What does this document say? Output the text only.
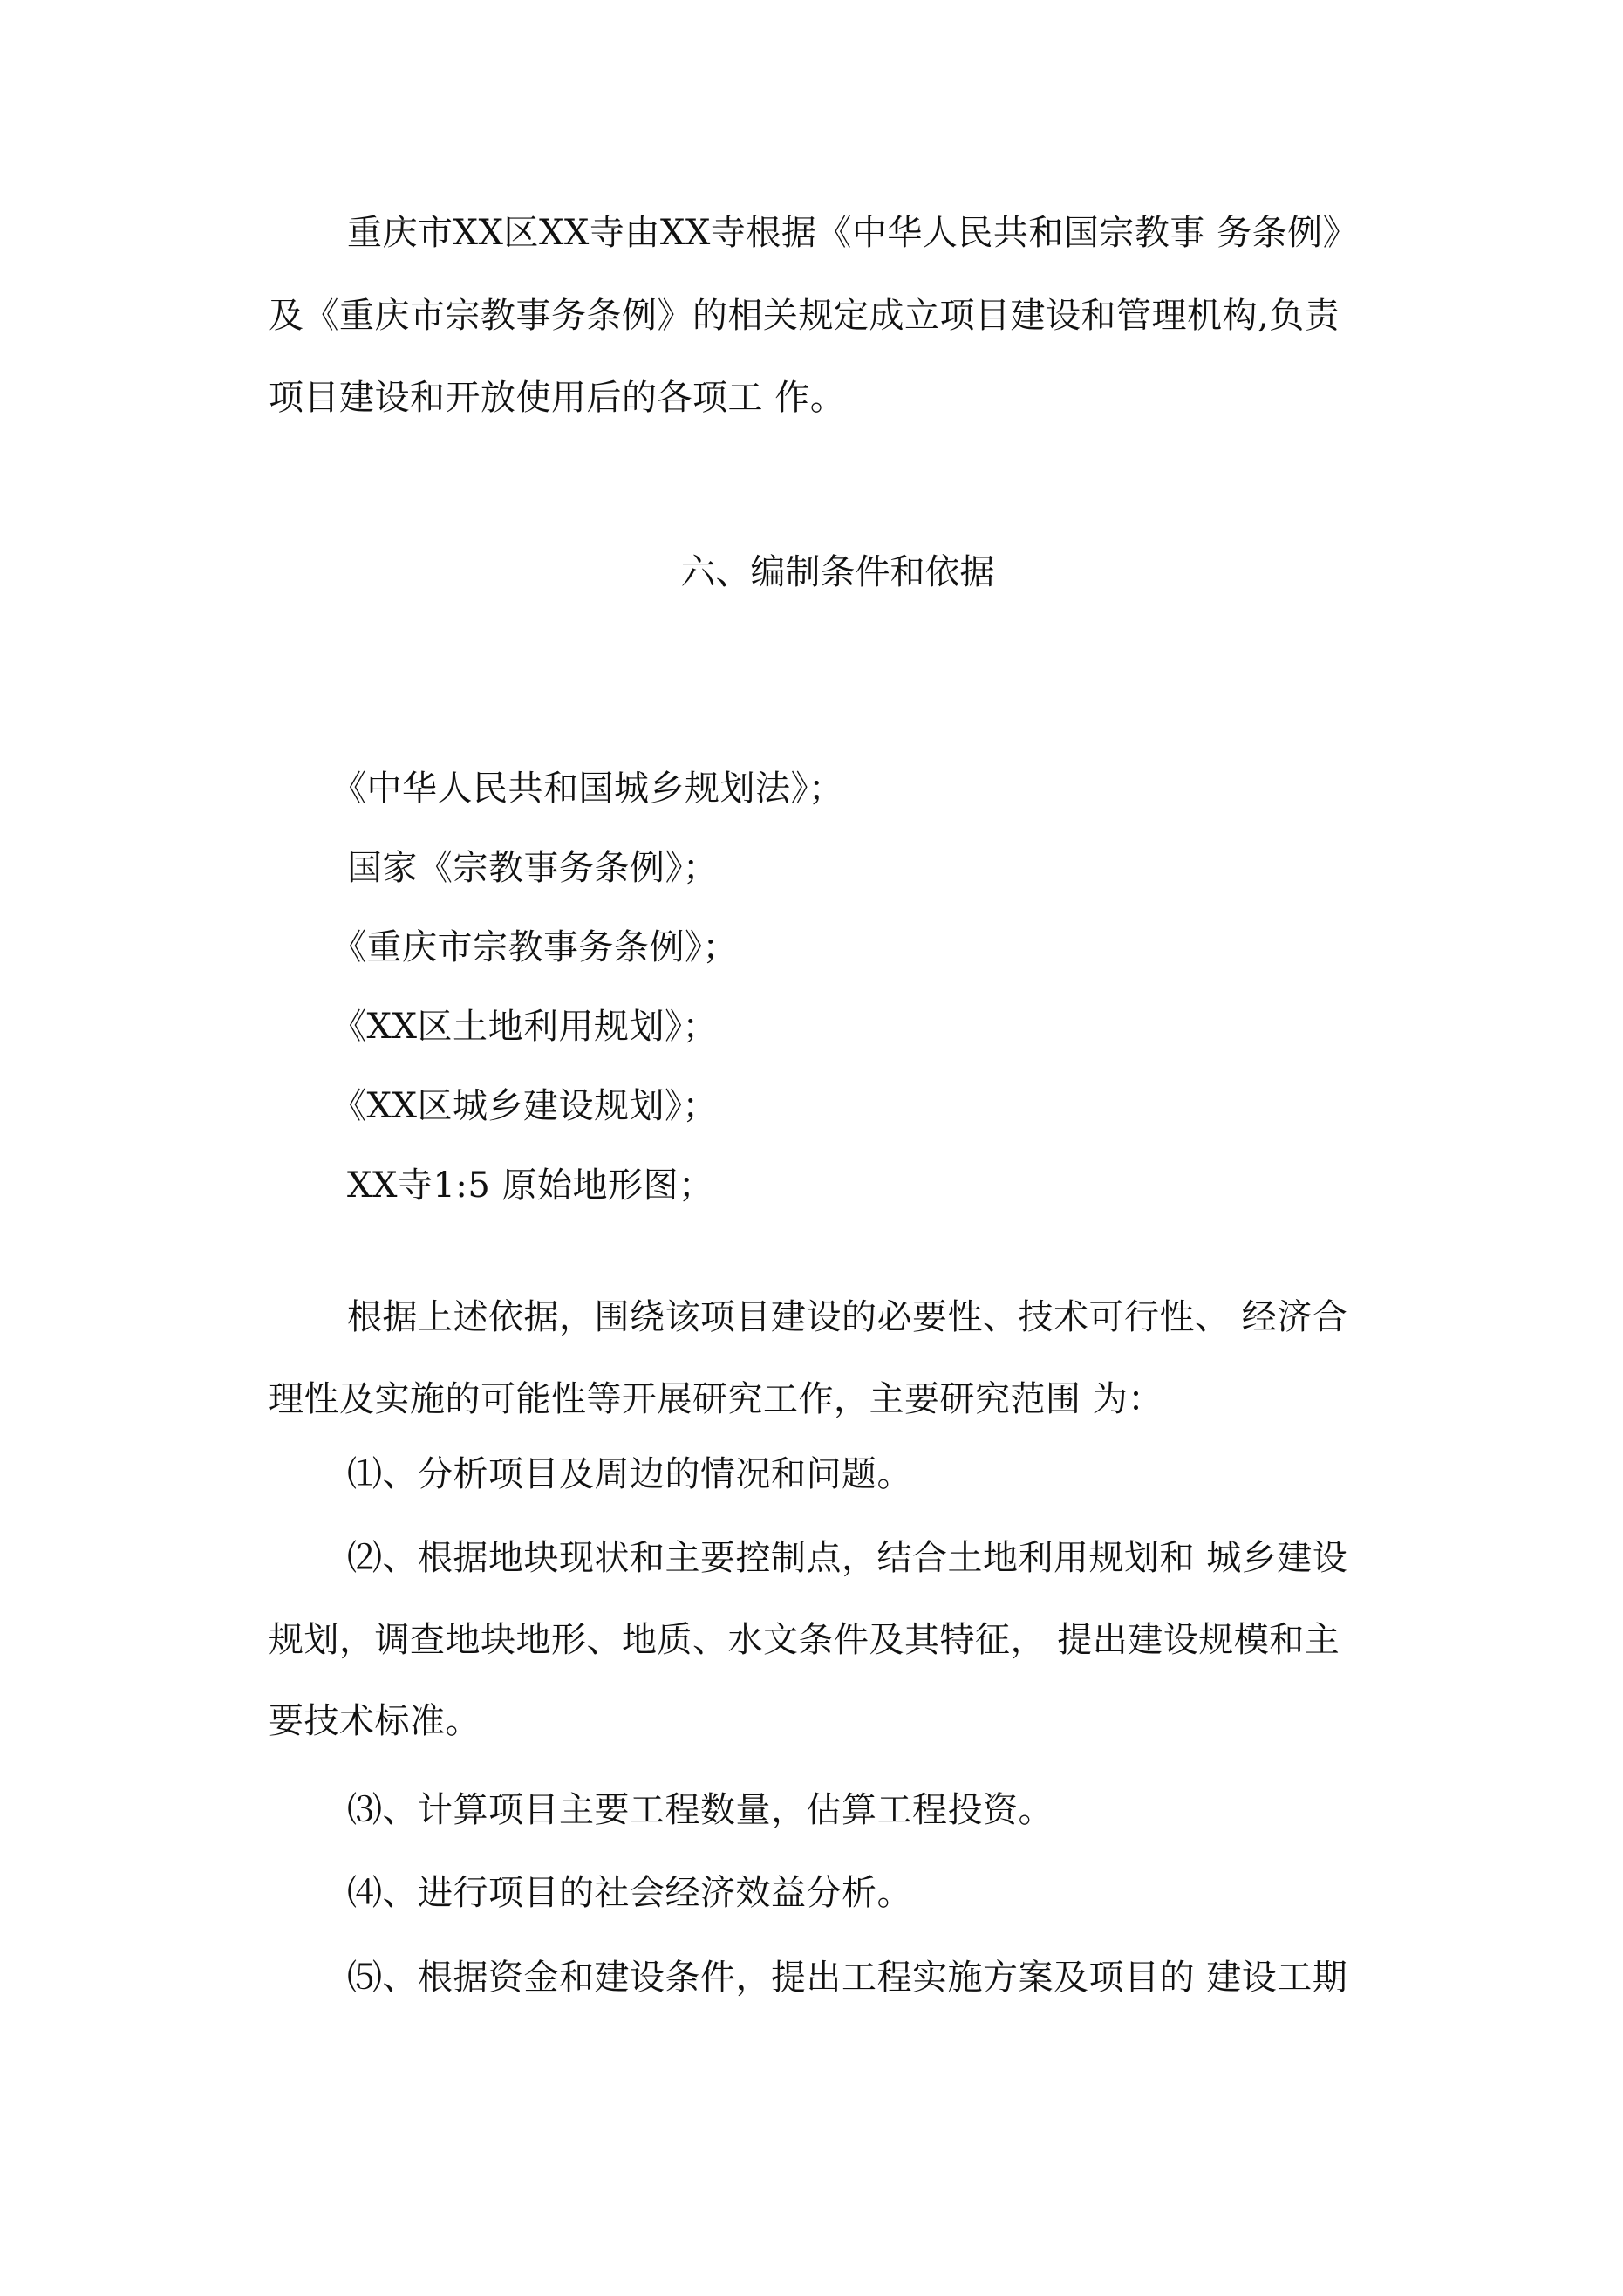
重庆市XX区XX寺由XX寺根据《中华人民共和国宗教事 务条例》
及《重庆市宗教事务条例》的相关规定成立项目建设和管理机构,负责
项目建设和开放使用后的各项工 作。
六、编制条件和依据
《中华人民共和国城乡规划法》；
国家《宗教事务条例》；
《重庆市宗教事务条例》；
《XX区土地利用规划》；
《XX区城乡建设规划》；
XX寺1:5 原始地形图；
根据上述依据，围绕该项目建设的必要性、技术可行性、 经济合
理性及实施的可能性等开展研究工作，主要研究范围 为：
⑴、分析项目及周边的情况和问题。
⑵、根据地块现状和主要控制点，结合土地利用规划和 城乡建设
规划，调查地块地形、地质、水文条件及其特征， 提出建设规模和主
要技术标准。
⑶、计算项目主要工程数量，估算工程投资。
⑷、进行项目的社会经济效益分析。
⑸、根据资金和建设条件，提出工程实施方案及项目的 建设工期
